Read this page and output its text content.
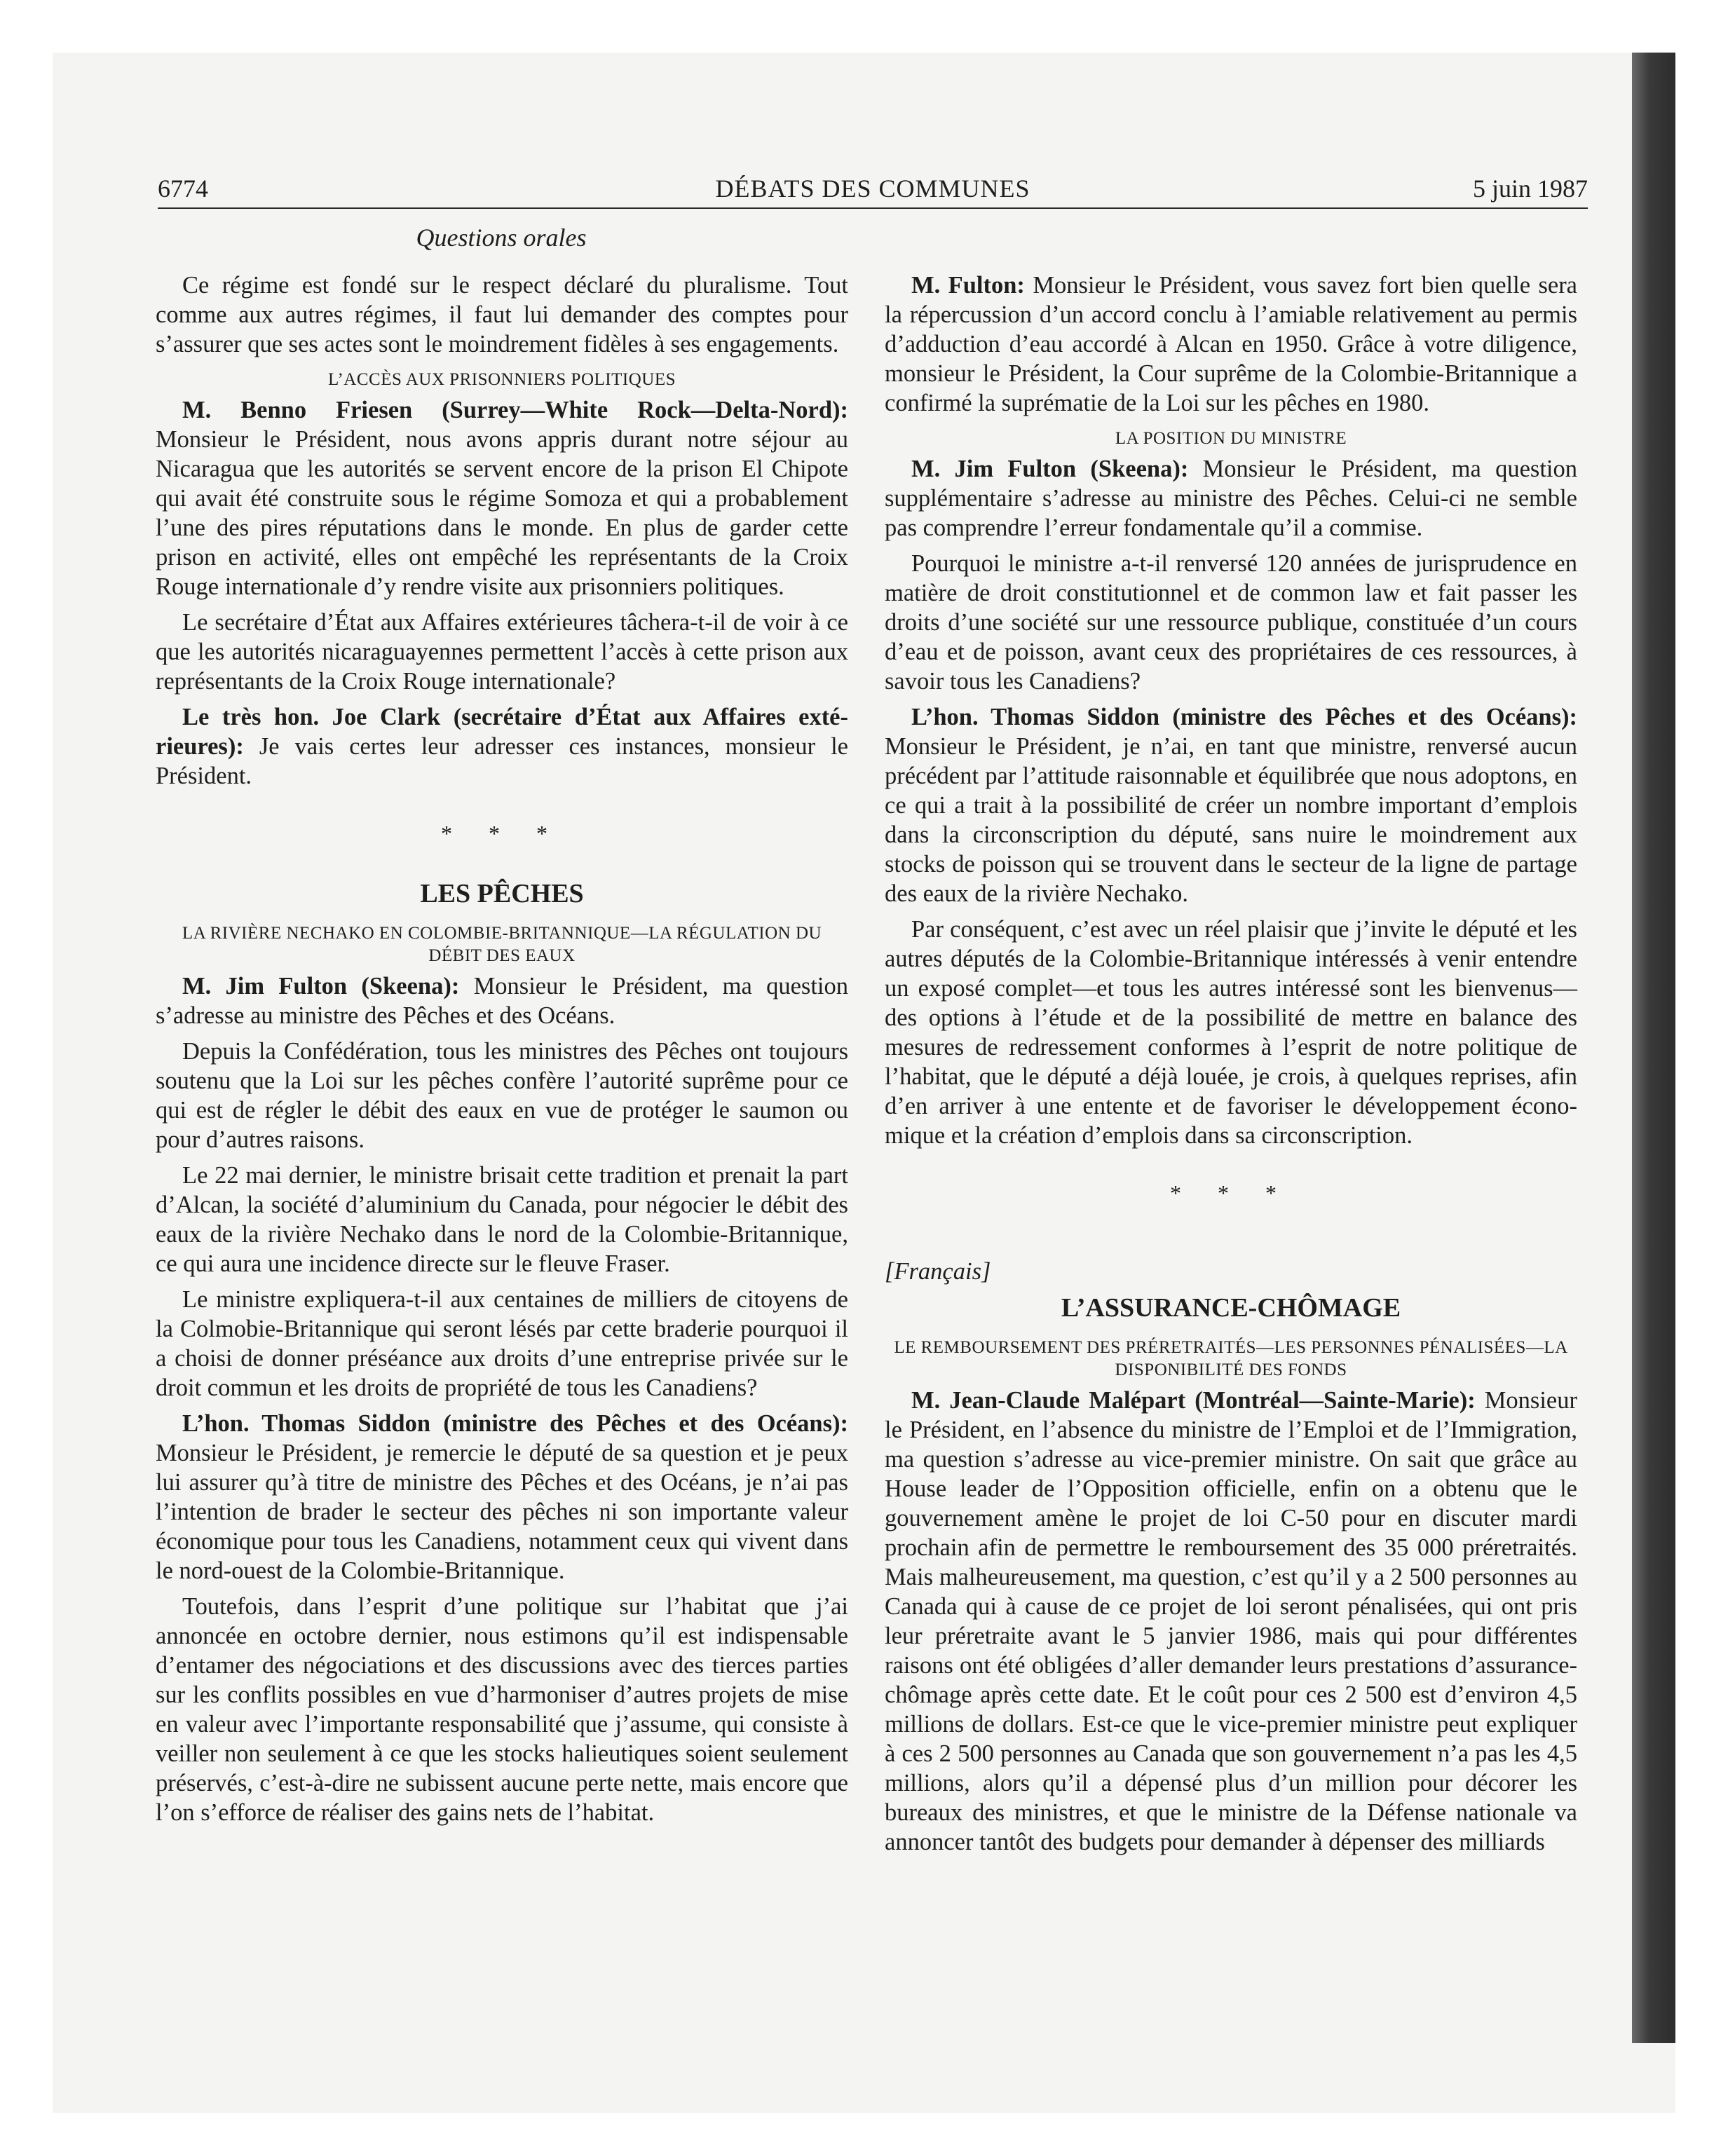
6774	DÉBATS DES COMMUNES	5 juin 1987
Questions orales

Ce régime est fondé sur le respect déclaré du pluralisme. Tout comme aux autres régimes, il faut lui demander des comptes pour s’assurer que ses actes sont le moindrement fidèles à ses engagements.

L’ACCÈS AUX PRISONNIERS POLITIQUES

M. Benno Friesen (Surrey—White Rock—Delta-Nord): Monsieur le Président, nous avons appris durant notre séjour au Nicaragua que les autorités se servent encore de la prison El Chipote qui avait été construite sous le régime Somoza et qui a probablement l’une des pires réputations dans le monde. En plus de garder cette prison en activité, elles ont empêché les représentants de la Croix Rouge internationale d’y rendre visite aux prisonniers politiques.

Le secrétaire d’État aux Affaires extérieures tâchera-t-il de voir à ce que les autorités nicaraguayennes permettent l’accès à cette prison aux représentants de la Croix Rouge internationale?

Le très hon. Joe Clark (secrétaire d’État aux Affaires extérieures): Je vais certes leur adresser ces instances, monsieur le Président.

* * *
LES PÊCHES
LA RIVIÈRE NECHAKO EN COLOMBIE-BRITANNIQUE—LA RÉGULATION DU DÉBIT DES EAUX

M. Jim Fulton (Skeena): Monsieur le Président, ma question s’adresse au ministre des Pêches et des Océans.

Depuis la Confédération, tous les ministres des Pêches ont toujours soutenu que la Loi sur les pêches confère l’autorité suprême pour ce qui est de régler le débit des eaux en vue de protéger le saumon ou pour d’autres raisons.

Le 22 mai dernier, le ministre brisait cette tradition et prenait la part d’Alcan, la société d’aluminium du Canada, pour négocier le débit des eaux de la rivière Nechako dans le nord de la Colombie-Britannique, ce qui aura une incidence directe sur le fleuve Fraser.

Le ministre expliquera-t-il aux centaines de milliers de citoyens de la Colmobie-Britannique qui seront lésés par cette braderie pourquoi il a choisi de donner préséance aux droits d’une entreprise privée sur le droit commun et les droits de propriété de tous les Canadiens?

L’hon. Thomas Siddon (ministre des Pêches et des Océans): Monsieur le Président, je remercie le député de sa question et je peux lui assurer qu’à titre de ministre des Pêches et des Océans, je n’ai pas l’intention de brader le secteur des pêches ni son importante valeur économique pour tous les Canadiens, notamment ceux qui vivent dans le nord-ouest de la Colombie-Britannique.

Toutefois, dans l’esprit d’une politique sur l’habitat que j’ai annoncée en octobre dernier, nous estimons qu’il est indispensable d’entamer des négociations et des discussions avec des tierces parties sur les conflits possibles en vue d’harmoniser d’autres projets de mise en valeur avec l’importante responsabilité que j’assume, qui consiste à veiller non seulement à ce que les stocks halieutiques soient seulement préservés, c’est-à-dire ne subissent aucune perte nette, mais encore que l’on s’efforce de réaliser des gains nets de l’habitat.

M. Fulton: Monsieur le Président, vous savez fort bien quelle sera la répercussion d’un accord conclu à l’amiable relativement au permis d’adduction d’eau accordé à Alcan en 1950. Grâce à votre diligence, monsieur le Président, la Cour suprême de la Colombie-Britannique a confirmé la suprématie de la Loi sur les pêches en 1980.

LA POSITION DU MINISTRE

M. Jim Fulton (Skeena): Monsieur le Président, ma question supplémentaire s’adresse au ministre des Pêches. Celui-ci ne semble pas comprendre l’erreur fondamentale qu’il a commise.

Pourquoi le ministre a-t-il renversé 120 années de jurisprudence en matière de droit constitutionnel et de common law et fait passer les droits d’une société sur une ressource publique, constituée d’un cours d’eau et de poisson, avant ceux des propriétaires de ces ressources, à savoir tous les Canadiens?

L’hon. Thomas Siddon (ministre des Pêches et des Océans): Monsieur le Président, je n’ai, en tant que ministre, renversé aucun précédent par l’attitude raisonnable et équilibrée que nous adoptons, en ce qui a trait à la possibilité de créer un nombre important d’emplois dans la circonscription du député, sans nuire le moindrement aux stocks de poisson qui se trouvent dans le secteur de la ligne de partage des eaux de la rivière Nechako.

Par conséquent, c’est avec un réel plaisir que j’invite le député et les autres députés de la Colombie-Britannique intéressés à venir entendre un exposé complet—et tous les autres intéressé sont les bienvenus—des options à l’étude et de la possibilité de mettre en balance des mesures de redressement conformes à l’esprit de notre politique de l’habitat, que le député a déjà louée, je crois, à quelques reprises, afin d’en arriver à une entente et de favoriser le développement économique et la création d’emplois dans sa circonscription.

* * *

[Français]

L’ASSURANCE-CHÔMAGE
LE REMBOURSEMENT DES PRÉRETRAITÉS—LES PERSONNES PÉNALISÉES—LA DISPONIBILITÉ DES FONDS

M. Jean-Claude Malépart (Montréal—Sainte-Marie): Monsieur le Président, en l’absence du ministre de l’Emploi et de l’Immigration, ma question s’adresse au vice-premier ministre. On sait que grâce au House leader de l’Opposition officielle, enfin on a obtenu que le gouvernement amène le projet de loi C-50 pour en discuter mardi prochain afin de permettre le remboursement des 35 000 préretraités. Mais malheureusement, ma question, c’est qu’il y a 2 500 personnes au Canada qui à cause de ce projet de loi seront pénalisées, qui ont pris leur préretraite avant le 5 janvier 1986, mais qui pour différentes raisons ont été obligées d’aller demander leurs prestations d’assurance-chômage après cette date. Et le coût pour ces 2 500 est d’environ 4,5 millions de dollars. Est-ce que le vice-premier ministre peut expliquer à ces 2 500 personnes au Canada que son gouvernement n’a pas les 4,5 millions, alors qu’il a dépensé plus d’un million pour décorer les bureaux des ministres, et que le ministre de la Défense nationale va annoncer tantôt des budgets pour demander à dépenser des milliards
